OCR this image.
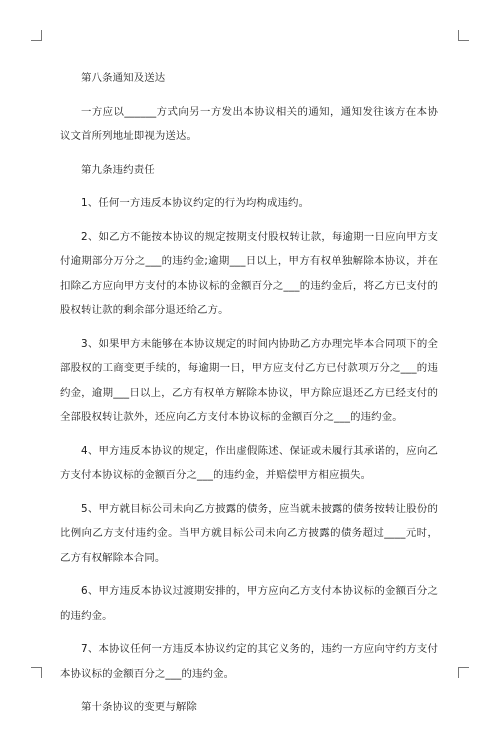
第八条通知及送达

一方应以______方式向另一方发出本协议相关的通知，通知发往该方在本协议文首所列地址即视为送达。

第九条违约责任

1、任何一方违反本协议约定的行为均构成违约。

2、如乙方不能按本协议的规定按期支付股权转让款，每逾期一日应向甲方支付逾期部分万分之___的违约金;逾期___日以上，甲方有权单独解除本协议，并在扣除乙方应向甲方支付的本协议标的金额百分之___的违约金后，将乙方已支付的股权转让款的剩余部分退还给乙方。

3、如果甲方未能够在本协议规定的时间内协助乙方办理完毕本合同项下的全部股权的工商变更手续的，每逾期一日，甲方应支付乙方已付款项万分之___的违约金，逾期___日以上，乙方有权单方解除本协议，甲方除应退还乙方已经支付的全部股权转让款外，还应向乙方支付本协议标的金额百分之___的违约金。

4、甲方违反本协议的规定，作出虚假陈述、保证或未履行其承诺的，应向乙方支付本协议标的金额百分之___的违约金，并赔偿甲方相应损失。

5、甲方就目标公司未向乙方披露的债务，应当就未披露的债务按转让股份的比例向乙方支付违约金。当甲方就目标公司未向乙方披露的债务超过____元时，乙方有权解除本合同。

6、甲方违反本协议过渡期安排的，甲方应向乙方支付本协议标的金额百分之 的违约金。

7、本协议任何一方违反本协议约定的其它义务的，违约一方应向守约方支付本协议标的金额百分之___的违约金。

第十条协议的变更与解除
